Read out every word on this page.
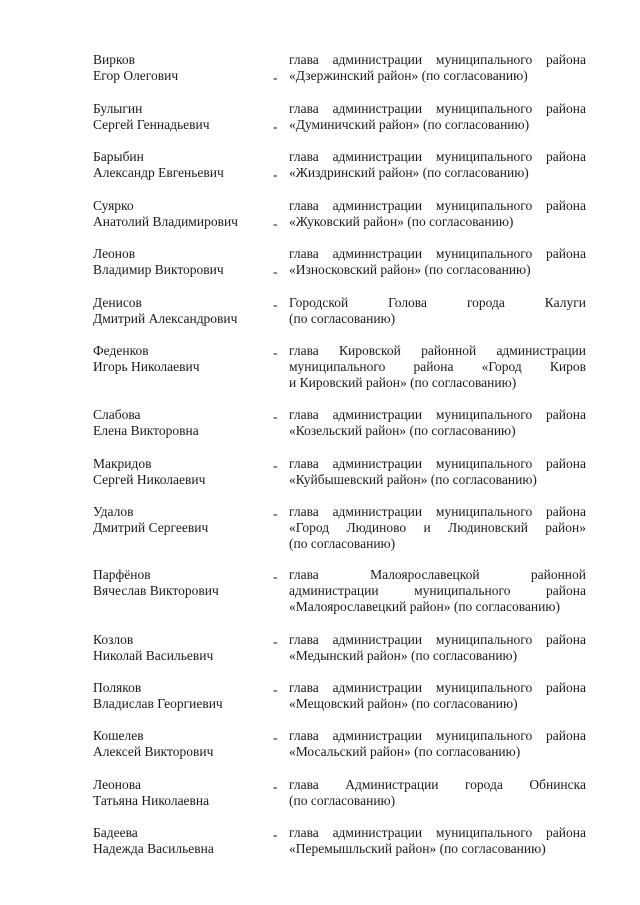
Вирков
Егор Олегович	-
глава администрации муниципального района
«Дзержинский район» (по согласованию)
Булыгин
Сергей Геннадьевич	-
глава администрации муниципального района
«Думиничский район» (по согласованию)
Барыбин
Александр Евгеньевич	-
глава администрации муниципального района
«Жиздринский район» (по согласованию)
Суярко
Анатолий Владимирович	-
глава администрации муниципального района
«Жуковский район» (по согласованию)
Леонов
Владимир Викторович	-
глава администрации муниципального района
«Износковский район» (по согласованию)
Денисов
Дмитрий Александрович
- Городской Голова города Калуги
(по согласованию)
Феденков
Игорь Николаевич
- глава Кировской районной администрации
муниципального района «Город Киров
и Кировский район» (по согласованию)
Слабова
Елена Викторовна
- глава администрации муниципального района
«Козельский район» (по согласованию)
Макридов
Сергей Николаевич
- глава администрации муниципального района
«Куйбышевский район» (по согласованию)
Удалов
Дмитрий Сергеевич
- глава администрации муниципального района
«Город Людиново и Людиновский район»
(по согласованию)
Парфёнов
Вячеслав Викторович
- глава Малоярославецкой районной
администрации муниципального района
«Малоярославецкий район» (по согласованию)
Козлов
Николай Васильевич
- глава администрации муниципального района
«Медынский район» (по согласованию)
Поляков
Владислав Георгиевич
- глава администрации муниципального района
«Мещовский район» (по согласованию)
Кошелев
Алексей Викторович
- глава администрации муниципального района
«Мосальский район» (по согласованию)
Леонова
Татьяна Николаевна
- глава Администрации города Обнинска
(по согласованию)
Бадеева
Надежда Васильевна
- глава администрации муниципального района
«Перемышльский район» (по согласованию)
